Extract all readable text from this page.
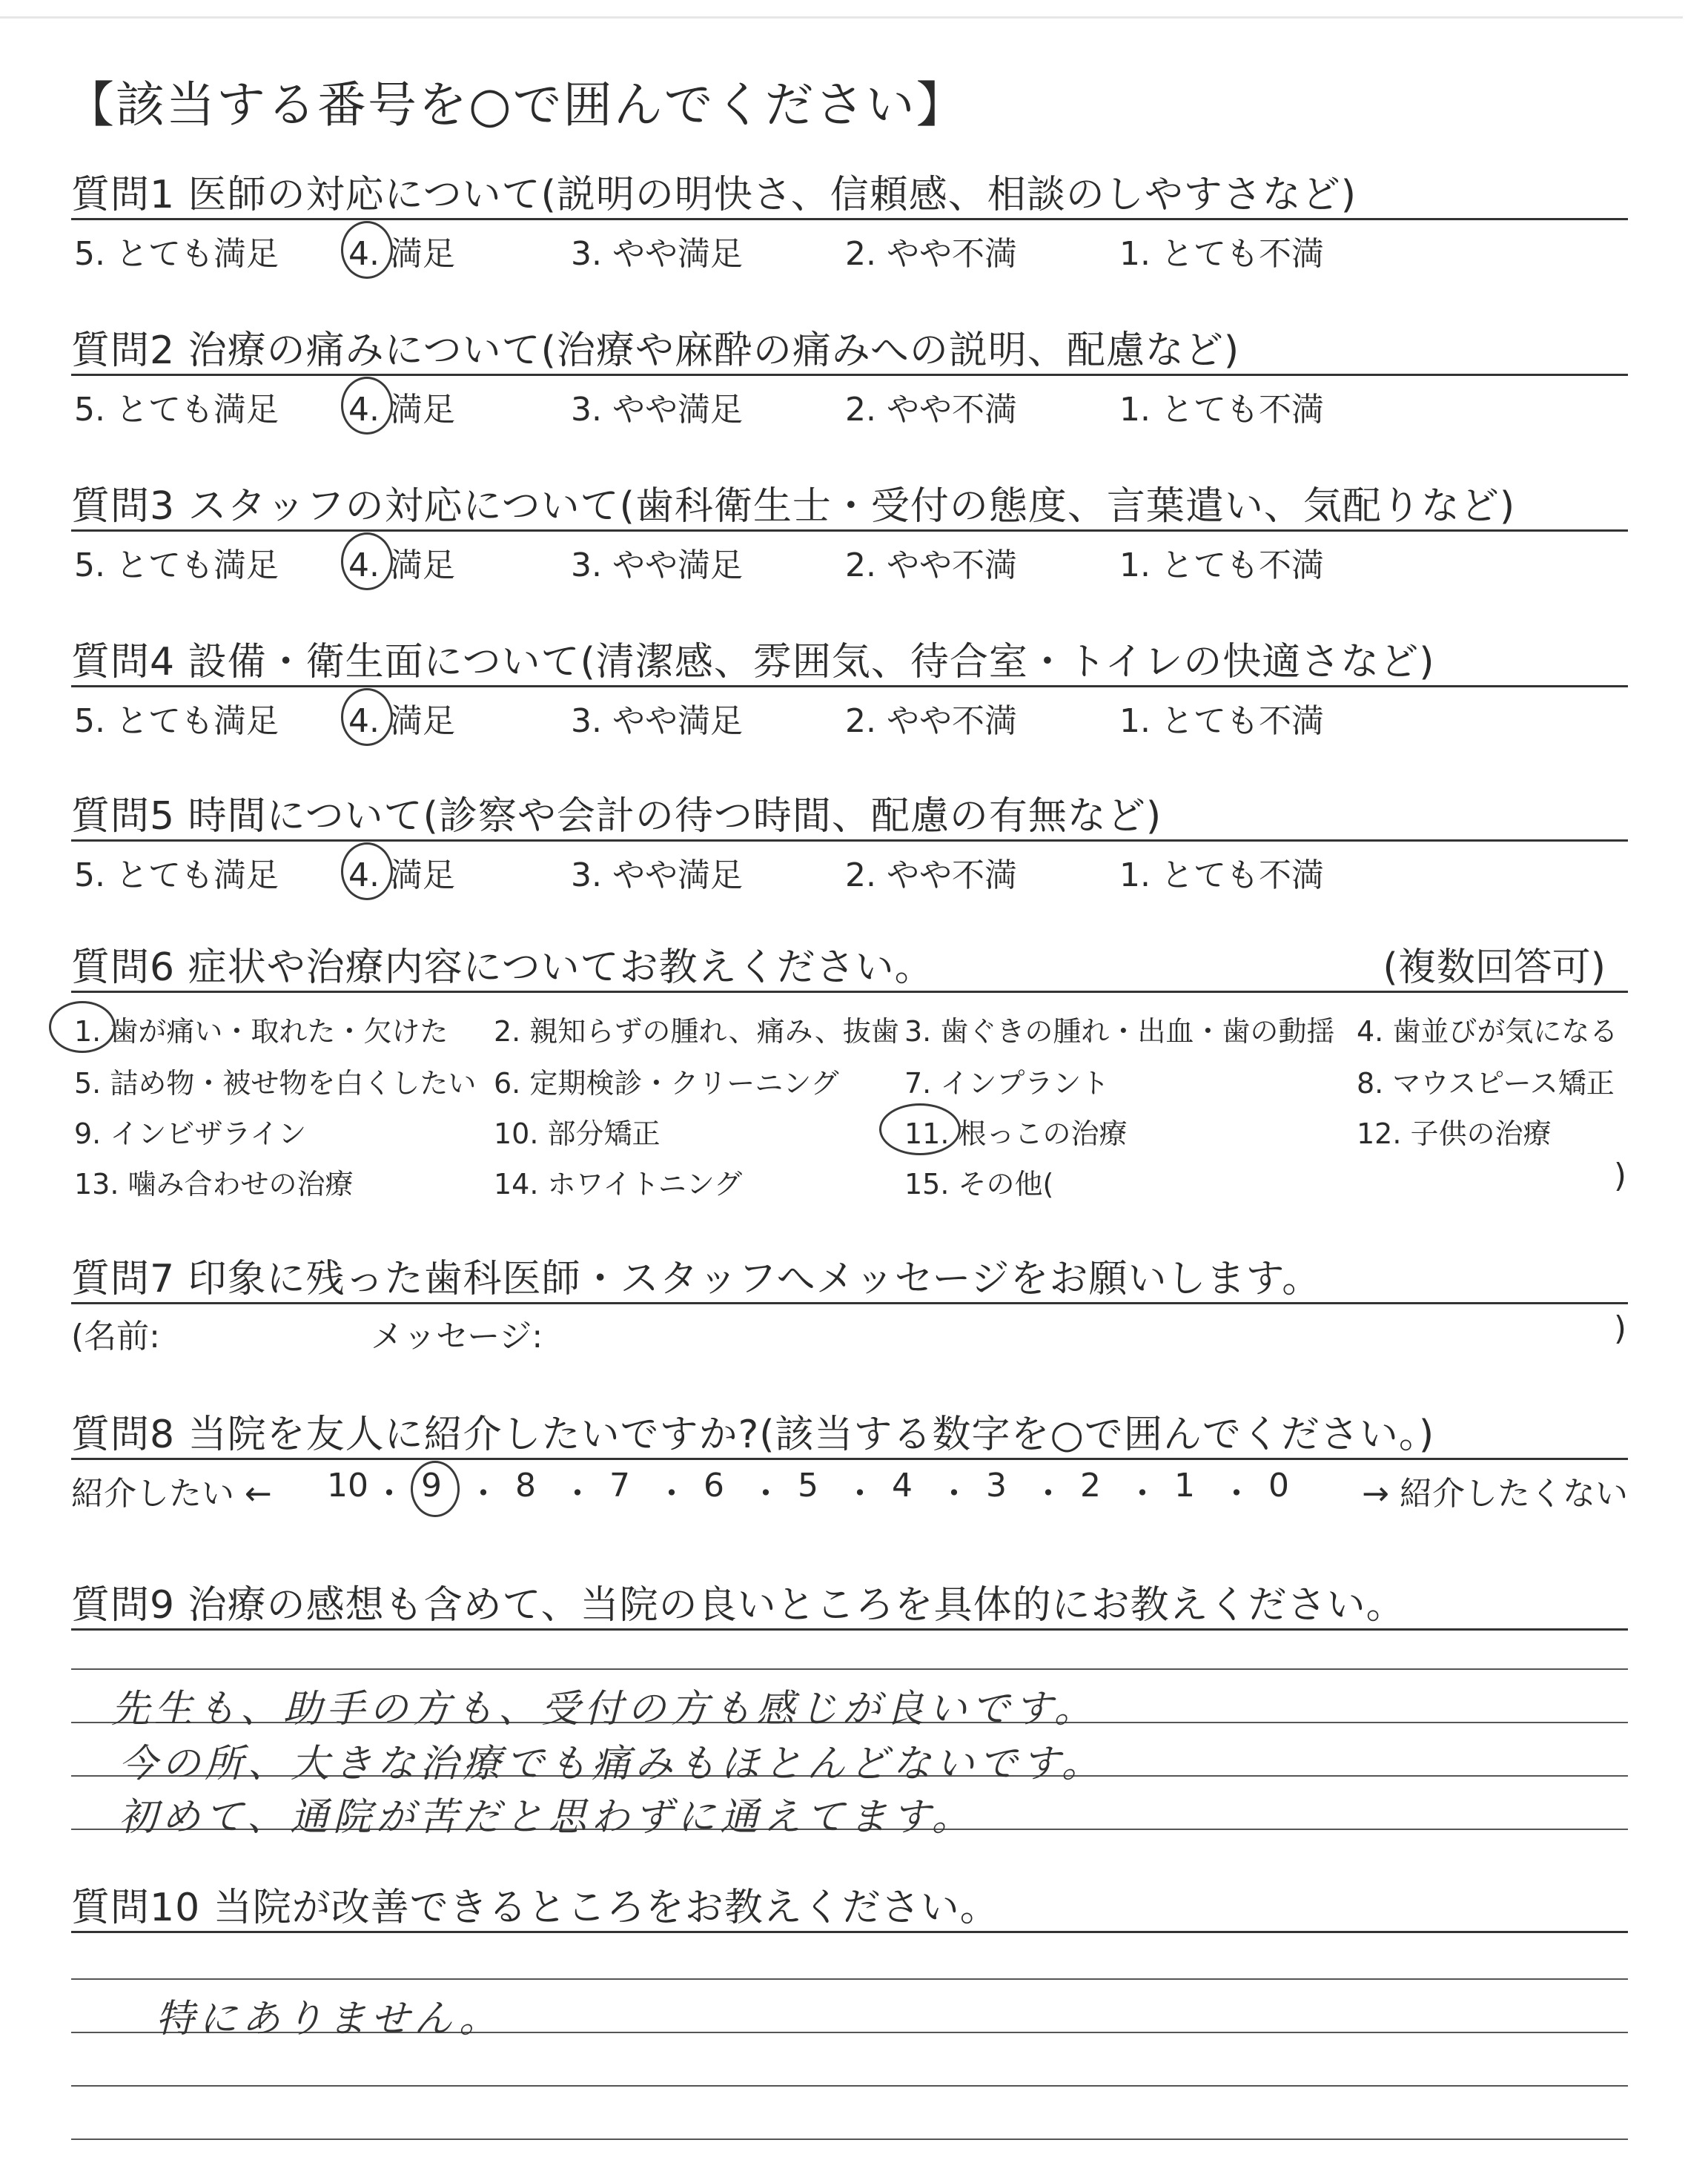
【該当する番号を○で囲んでください】
質問1 医師の対応について(説明の明快さ、信頼感、相談のしやすさなど)
5. とても満足 4. 満足	3. やや満足	2. やや不満	1. とても不満
質問2 治療の痛みについて(治療や麻酔の痛みへの説明、配慮など)
5. とても満足 4. 満足	3. やや満足	2. やや不満	1. とても不満
質問3 スタッフの対応について(歯科衛生士・受付の態度、言葉遣い、気配りなど)
5. とても満足 4. 満足	3. やや満足	2. やや不満	1. とても不満
質問4 設備・衛生面について(清潔感、雰囲気、待合室・トイレの快適さなど)
5. とても満足 4. 満足	3. やや満足	2. やや不満	1. とても不満
質問5 時間について(診察や会計の待つ時間、配慮の有無など)
5. とても満足 4. 満足	3. やや満足	2. やや不満	1. とても不満
質問6 症状や治療内容についてお教えください。	(複数回答可)
1. 歯が痛い・取れた・欠けた 2. 親知らずの腫れ、痛み、抜歯 3. 歯ぐきの腫れ・出血・歯の動揺 4. 歯並びが気になる
5. 詰め物・被せ物を白くしたい 6. 定期検診・クリーニング 7. インプラント	8. マウスピース矯正
9. インビザライン	10. 部分矯正	11. 根っこの治療	12. 子供の治療
13. 噛み合わせの治療	14. ホワイトニング	15. その他(	)
質問7 印象に残った歯科医師・スタッフへメッセージをお願いします。
(名前:	メッセージ:	)
質問8 当院を友人に紹介したいですか?(該当する数字を○で囲んでください。)
紹介したい ←	→ 紹介したくない
10 ・ 9 ・ 8 ・ 7 ・ 6 ・ 5 ・ 4 ・ 3 ・ 2 ・ 1 ・ 0
質問9 治療の感想も含めて、当院の良いところを具体的にお教えください。
先生も、助手の方も、受付の方も感じが良いです。
今の所、大きな治療でも痛みもほとんどないです。
初めて、通院が苦だと思わずに通えてます。
質問10 当院が改善できるところをお教えください。
特にありません。
